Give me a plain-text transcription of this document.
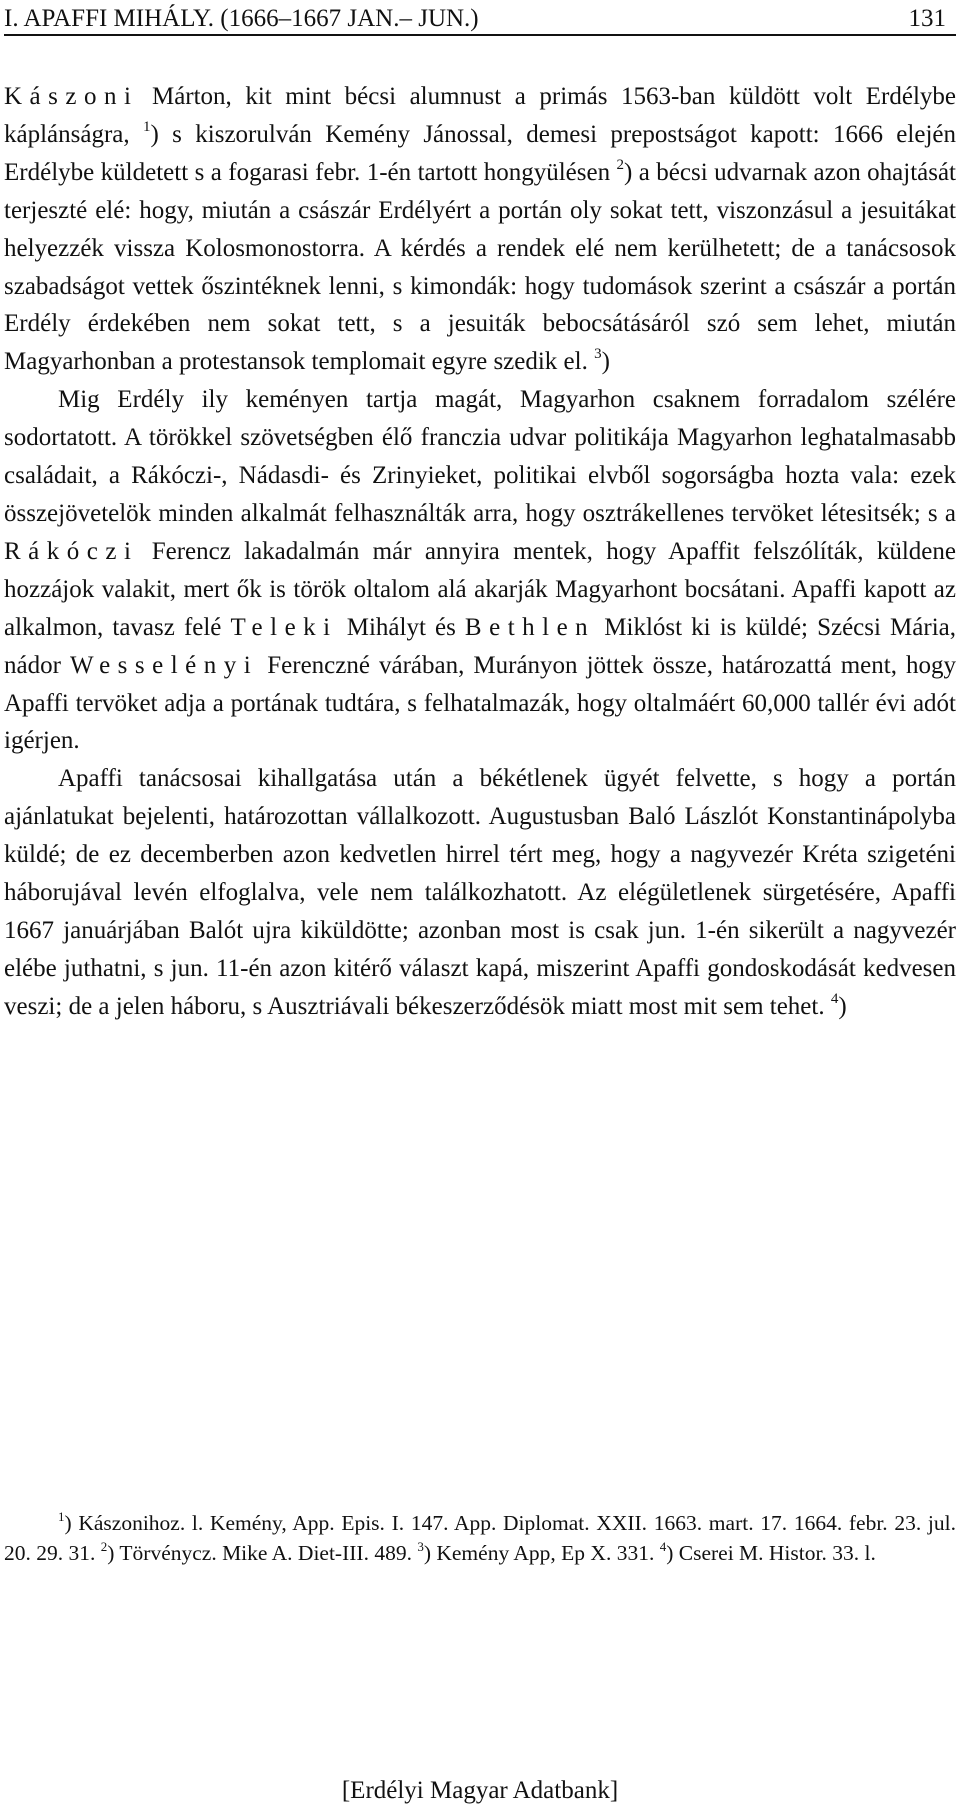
I. APAFFI MIHÁLY. (1666–1667 JAN.– JUN.)	131

Kászoni Márton, kit mint bécsi alumnust a primás 1563-ban küldött volt Erdélybe káplánságra, $^1$) s kiszorulván Kemény Jánossal, demesi prepostságot kapott: 1666 elején Erdélybe küldetett s a fogarasi febr. 1-én tartott hongyülésen $^2$) a bécsi udvarnak azon ohajtását terjeszté elé: hogy, miután a császár Erdélyért a portán oly sokat tett, viszonzásul a jesuitákat helyezzék vissza Kolosmonostorra. A kérdés a rendek elé nem kerülhetett; de a tanácsosok szabadságot vettek őszintéknek lenni, s kimondák: hogy tudomások szerint a császár a portán Erdély érdekében nem sokat tett, s a jesuiták bebocsátásáról szó sem lehet, miután Magyarhonban a protestansok templomait egyre szedik el. $^3$)

Mig Erdély ily keményen tartja magát, Magyarhon csaknem forradalom szélére sodortatott. A törökkel szövetségben élő franczia udvar politikája Magyarhon leghatalmasabb családait, a Rákóczi-, Nádasdi- és Zrinyieket, politikai elvből sogorságba hozta vala: ezek összejövetelök minden alkalmát felhasználták arra, hogy osztrákellenes tervöket létesitsék; s a Rákóczi Ferencz lakadalmán már annyira mentek, hogy Apaffit felszólíták, küldene hozzájok valakit, mert ők is török oltalom alá akarják Magyarhont bocsátani. Apaffi kapott az alkalmon, tavasz felé Teleki Mihályt és Bethlen Miklóst ki is küldé; Szécsi Mária, nádor Wesselényi Ferenczné várában, Murányon jöttek össze, határozattá ment, hogy Apaffi tervöket adja a portának tudtára, s felhatalmazák, hogy oltalmáért 60,000 tallér évi adót igérjen.

Apaffi tanácsosai kihallgatása után a békétlenek ügyét felvette, s hogy a portán ajánlatukat bejelenti, határozottan vállalkozott. Augustusban Baló Lászlót Konstantinápolyba küldé; de ez decemberben azon kedvetlen hirrel tért meg, hogy a nagyvezér Kréta szigeténi háborujával levén elfoglalva, vele nem találkozhatott. Az elégületlenek sürgetésére, Apaffi 1667 januárjában Balót ujra kiküldötte; azonban most is csak jun. 1-én sikerült a nagyvezér elébe juthatni, s jun. 11-én azon kitérő választ kapá, miszerint Apaffi gondoskodását kedvesen veszi; de a jelen háboru, s Ausztriávali békeszerződésök miatt most mit sem tehet. $^4$)

$^1$) Kászonihoz. l. Kemény, App. Epis. I. 147. App. Diplomat. XXII. 1663. mart. 17. 1664. febr. 23. jul. 20. 29. 31. $^2$) Törvénycz. Mike A. Diet-III. 489. $^3$) Kemény App, Ep X. 331. $^4$) Cserei M. Histor. 33. l.

[Erdélyi Magyar Adatbank]
